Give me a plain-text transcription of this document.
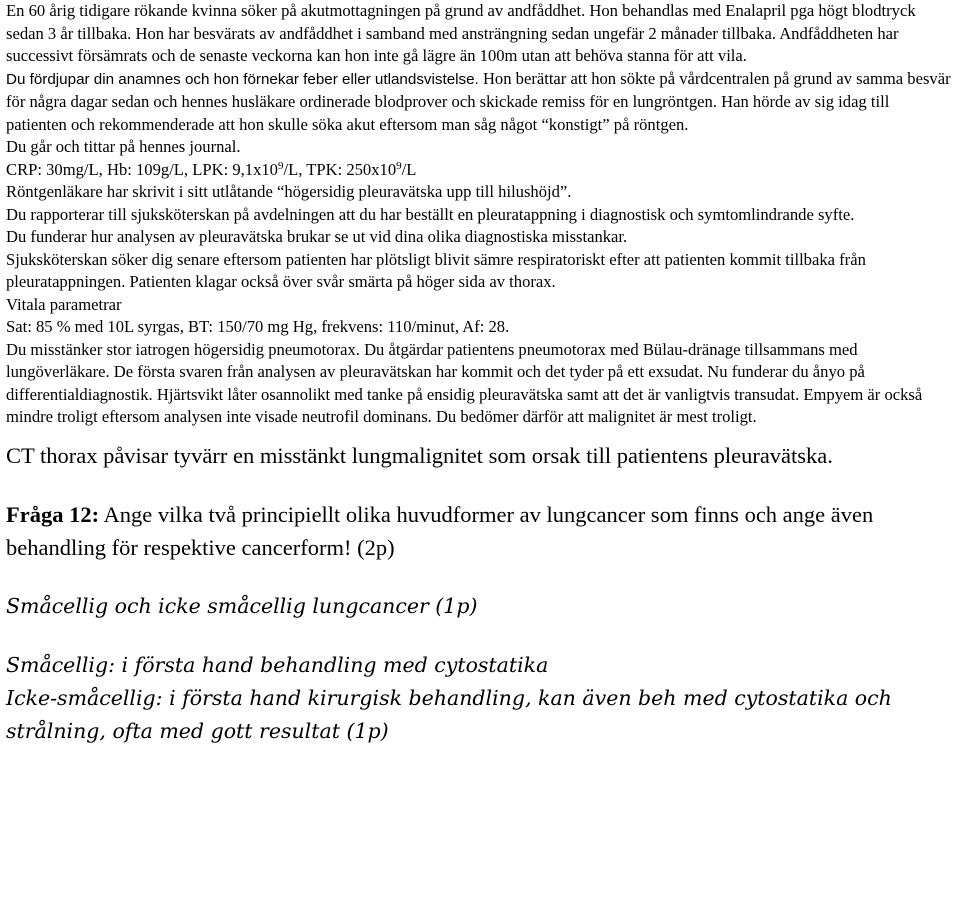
En 60 årig tidigare rökande kvinna söker på akutmottagningen på grund av andfåddhet. Hon behandlas med Enalapril pga högt blodtryck sedan 3 år tillbaka. Hon har besvärats av andfåddhet i samband med ansträngning sedan ungefär 2 månader tillbaka. Andfåddheten har successivt försämrats och de senaste veckorna kan hon inte gå lägre än 100m utan att behöva stanna för att vila.

Du fördjupar din anamnes och hon förnekar feber eller utlandsvistelse. Hon berättar att hon sökte på vårdcentralen på grund av samma besvär för några dagar sedan och hennes husläkare ordinerade blodprover och skickade remiss för en lungröntgen. Han hörde av sig idag till patienten och rekommenderade att hon skulle söka akut eftersom man såg något “konstigt” på röntgen.

Du går och tittar på hennes journal.

CRP: 30mg/L, Hb: 109g/L, LPK: $9,1x10^9/L$, TPK: $250x10^9/L$

Röntgenläkare har skrivit i sitt utlåtande “högersidig pleuravätska upp till hilushöjd”.

Du rapporterar till sjuksköterskan på avdelningen att du har beställt en pleuratappning i diagnostisk och symtomlindrande syfte.

Du funderar hur analysen av pleuravätska brukar se ut vid dina olika diagnostiska misstankar.

Sjuksköterskan söker dig senare eftersom patienten har plötsligt blivit sämre respiratoriskt efter att patienten kommit tillbaka från pleuratappningen. Patienten klagar också över svår smärta på höger sida av thorax.

Vitala parametrar

Sat: 85 % med 10L syrgas, BT: 150/70 mg Hg, frekvens: 110/minut, Af: 28.

Du misstänker stor iatrogen högersidig pneumotorax. Du åtgärdar patientens pneumotorax med Bülau-dränage tillsammans med lungöverläkare. De första svaren från analysen av pleuravätskan har kommit och det tyder på ett exsudat. Nu funderar du ånyo på differentialdiagnostik. Hjärtsvikt låter osannolikt med tanke på ensidig pleuravätska samt att det är vanligtvis transudat. Empyem är också mindre troligt eftersom analysen inte visade neutrofil dominans. Du bedömer därför att malignitet är mest troligt.

CT thorax påvisar tyvärr en misstänkt lungmalignitet som orsak till patientens pleuravätska.

Fråga 12: Ange vilka två principiellt olika huvudformer av lungcancer som finns och ange även behandling för respektive cancerform! (2p)

Småcellig och icke småcellig lungcancer (1p)

Småcellig: i första hand behandling med cytostatika

Icke-småcellig: i första hand kirurgisk behandling, kan även beh med cytostatika och strålning, ofta med gott resultat (1p)
